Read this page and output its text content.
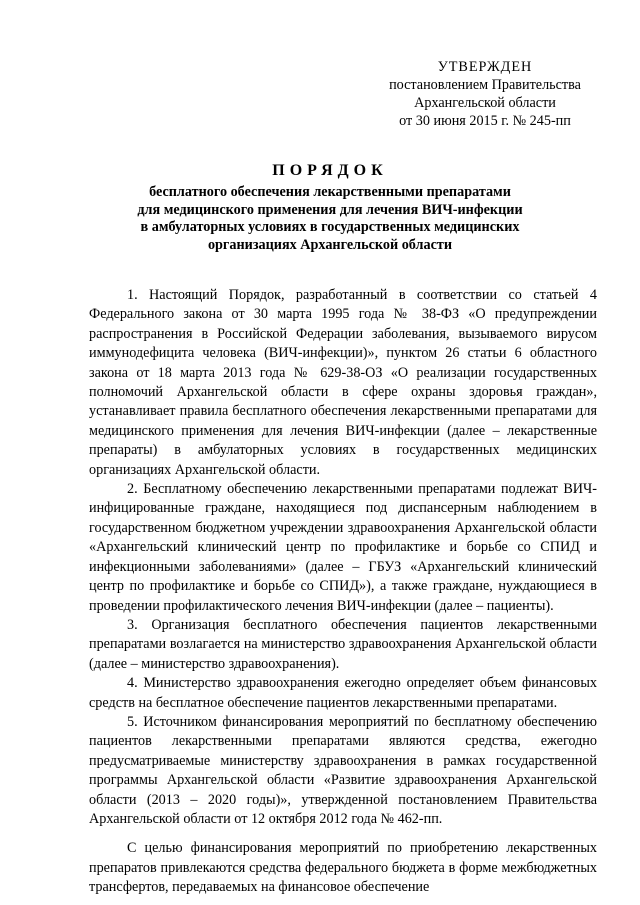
УТВЕРЖДЕН
постановлением Правительства
Архангельской области
от 30 июня 2015 г. № 245-пп
ПОРЯДОК
бесплатного обеспечения лекарственными препаратами
для медицинского применения для лечения ВИЧ-инфекции
в амбулаторных условиях в государственных медицинских
организациях Архангельской области

1. Настоящий Порядок, разработанный в соответствии со статьей 4 Федерального закона от 30 марта 1995 года № 38-ФЗ «О предупреждении распространения в Российской Федерации заболевания, вызываемого вирусом иммунодефицита человека (ВИЧ-инфекции)», пунктом 26 статьи 6 областного закона от 18 марта 2013 года № 629-38-ОЗ «О реализации государственных полномочий Архангельской области в сфере охраны здоровья граждан», устанавливает правила бесплатного обеспечения лекарственными препаратами для медицинского применения для лечения ВИЧ-инфекции (далее – лекарственные препараты) в амбулаторных условиях в государственных медицинских организациях Архангельской области.

2. Бесплатному обеспечению лекарственными препаратами подлежат ВИЧ-инфицированные граждане, находящиеся под диспансерным наблюдением в государственном бюджетном учреждении здравоохранения Архангельской области «Архангельский клинический центр по профилактике и борьбе со СПИД и инфекционными заболеваниями» (далее – ГБУЗ «Архангельский клинический центр по профилактике и борьбе со СПИД»), а также граждане, нуждающиеся в проведении профилактического лечения ВИЧ-инфекции (далее – пациенты).

3. Организация бесплатного обеспечения пациентов лекарственными препаратами возлагается на министерство здравоохранения Архангельской области (далее – министерство здравоохранения).

4. Министерство здравоохранения ежегодно определяет объем финансовых средств на бесплатное обеспечение пациентов лекарственными препаратами.

5. Источником финансирования мероприятий по бесплатному обеспечению пациентов лекарственными препаратами являются средства, ежегодно предусматриваемые министерству здравоохранения в рамках государственной программы Архангельской области «Развитие здравоохранения Архангельской области (2013 – 2020 годы)», утвержденной постановлением Правительства Архангельской области от 12 октября 2012 года № 462-пп.

С целью финансирования мероприятий по приобретению лекарственных препаратов привлекаются средства федерального бюджета в форме межбюджетных трансфертов, передаваемых на финансовое обеспечение
